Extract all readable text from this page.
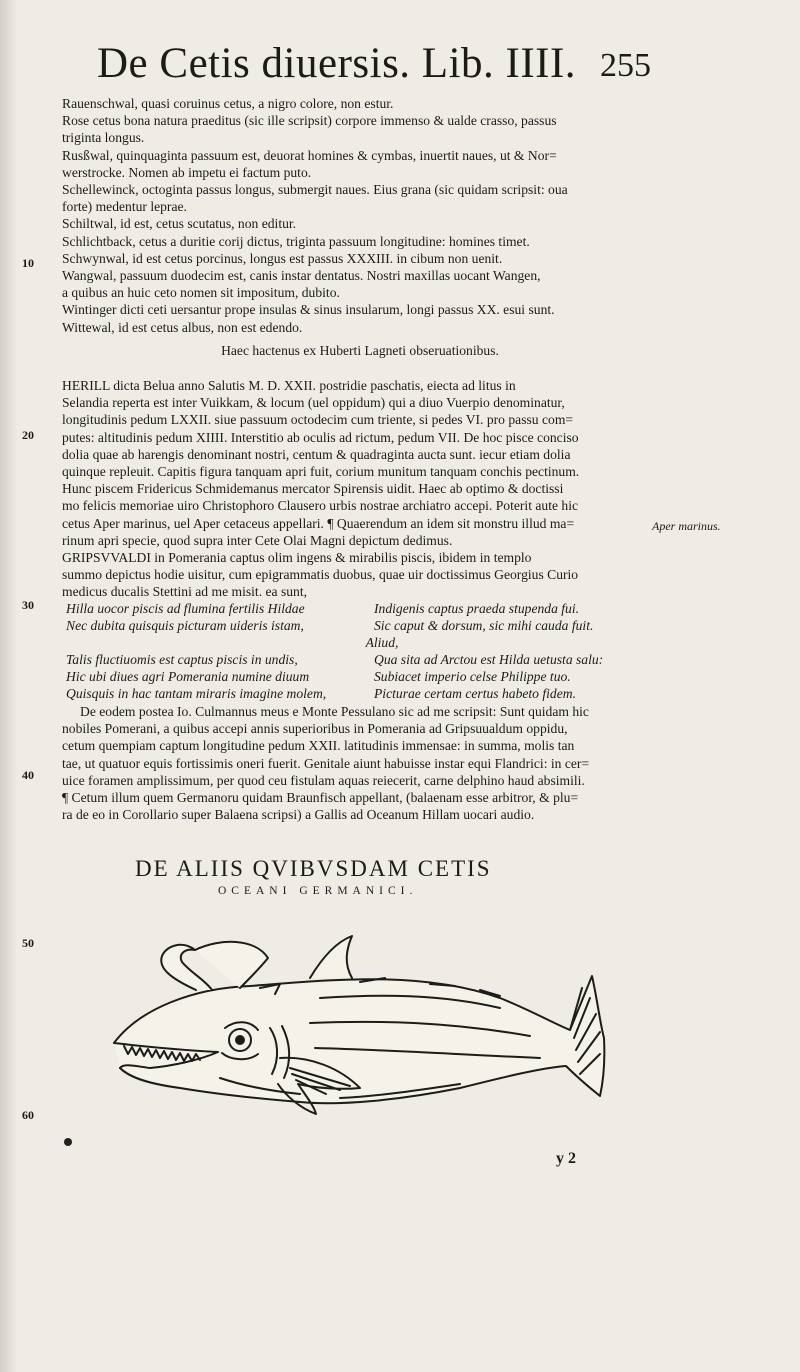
De Cetis diuersis. Lib. IIII. 255
Rauenschwal, quasi coruinus cetus, a nigro colore, non estur.
Rose cetus bona natura praeditus (sic ille scripsit) corpore immenso & ualde crasso, passus
triginta longus.
Rusßwal, quinquaginta passuum est, deuorat homines & cymbas, inuertit naues, ut & Nor=
werstrocke. Nomen ab impetu ei factum puto.
Schellewinck, octoginta passus longus, submergit naues. Eius grana (sic quidam scripsit: oua
forte) medentur leprae.
Schiltwal, id est, cetus scutatus, non editur.
Schlichtback, cetus a duritie corij dictus, triginta passuum longitudine: homines timet.
Schwynwal, id est cetus porcinus, longus est passus XXXIII. in cibum non uenit.
Wangwal, passuum duodecim est, canis instar dentatus. Nostri maxillas uocant Wangen,
a quibus an huic ceto nomen sit impositum, dubito.
Wintinger dicti ceti uersantur prope insulas & sinus insularum, longi passus XX. esui sunt.
Wittewal, id est cetus albus, non est edendo.
Haec hactenus ex Huberti Lagneti obseruationibus.
HERILL dicta Belua anno Salutis M. D. XXII. postridie paschatis, eiecta ad litus in
Selandia reperta est inter Vuikkam, & locum (uel oppidum) qui a diuo Vuerpio denominatur,
longitudinis pedum LXXII. siue passuum octodecim cum triente, si pedes VI. pro passu com=
putes: altitudinis pedum XIIII. Interstitio ab oculis ad rictum, pedum VII. De hoc pisce conciso
dolia quae ab harengis denominant nostri, centum & quadraginta aucta sunt. iecur etiam dolia
quinque repleuit. Capitis figura tanquam apri fuit, corium munitum tanquam conchis pectinum.
Hunc piscem Fridericus Schmidemanus mercator Spirensis uidit. Haec ab optimo & doctissi
mo felicis memoriae uiro Christophoro Clausero urbis nostrae archiatro accepi. Poterit aute hic
cetus Aper marinus, uel Aper cetaceus appellari. ¶ Quaerendum an idem sit monstru illud ma=
rinum apri specie, quod supra inter Cete Olai Magni depictum dedimus.
GRIPSVVALDI in Pomerania captus olim ingens & mirabilis piscis, ibidem in templo
summo depictus hodie uisitur, cum epigrammatis duobus, quae uir doctissimus Georgius Curio
medicus ducalis Stettini ad me misit. ea sunt,
Aper marinus.
10
20
30
40
50
60
Hilla uocor piscis ad flumina fertilis Hildae	Indigenis captus praeda stupenda fui.
Nec dubita quisquis picturam uideris istam,	Sic caput & dorsum, sic mihi cauda fuit.
Aliud,
Talis fluctiuomis est captus piscis in undis,	Qua sita ad Arctou est Hilda uetusta salu:
Hic ubi diues agri Pomerania numine diuum	Subiacet imperio celse Philippe tuo.
Quisquis in hac tantam miraris imagine molem,	Picturae certam certus habeto fidem.
De eodem postea Io. Culmannus meus e Monte Pessulano sic ad me scripsit: Sunt quidam hic
nobiles Pomerani, a quibus accepi annis superioribus in Pomerania ad Gripsuualdum oppidu,
cetum quempiam captum longitudine pedum XXII. latitudinis immensae: in summa, molis tan
tae, ut quatuor equis fortissimis oneri fuerit. Genitale aiunt habuisse instar equi Flandrici: in cer=
uice foramen amplissimum, per quod ceu fistulam aquas reiecerit, carne delphino haud absimili.
¶ Cetum illum quem Germanoru quidam Braunfisch appellant, (balaenam esse arbitror, & plu=
ra de eo in Corollario super Balaena scripsi) a Gallis ad Oceanum Hillam uocari audio.
DE ALIIS QVIBVSDAM CETIS
OCEANI GERMANICI.
y 2
